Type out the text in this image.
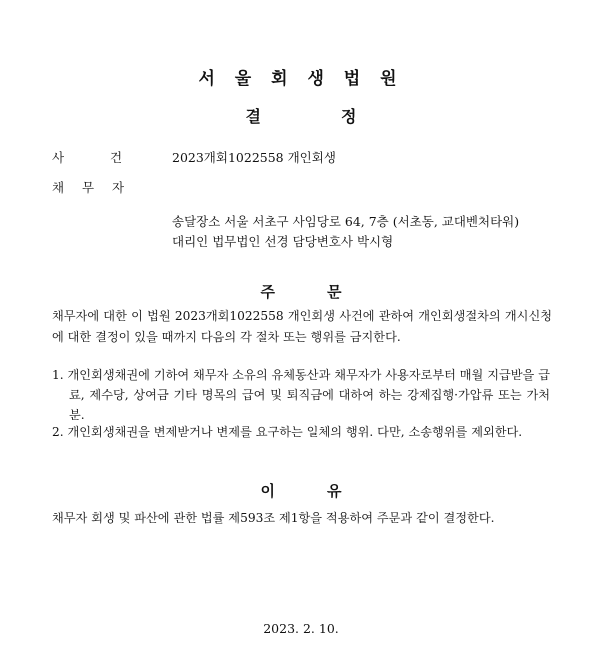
서 울 회 생 법 원
결	정
사	건	2023개회1022558 개인회생
채 무 자
송달장소 서울 서초구 사임당로 64, 7층 (서초동, 교대벤처타워)
대리인 법무법인 선경 담당변호사 박시형
주	문
채무자에 대한 이 법원 2023개회1022558 개인회생 사건에 관하여 개인회생절차의 개시신청에 대한 결정이 있을 때까지 다음의 각 절차 또는 행위를 금지한다.
1. 개인회생채권에 기하여 채무자 소유의 유체동산과 채무자가 사용자로부터 매월 지급받을 급료, 제수당, 상여금 기타 명목의 급여 및 퇴직금에 대하여 하는 강제집행·가압류 또는 가처분.
2. 개인회생채권을 변제받거나 변제를 요구하는 일체의 행위. 다만, 소송행위를 제외한다.
이	유
채무자 회생 및 파산에 관한 법률 제593조 제1항을 적용하여 주문과 같이 결정한다.
2023. 2. 10.
